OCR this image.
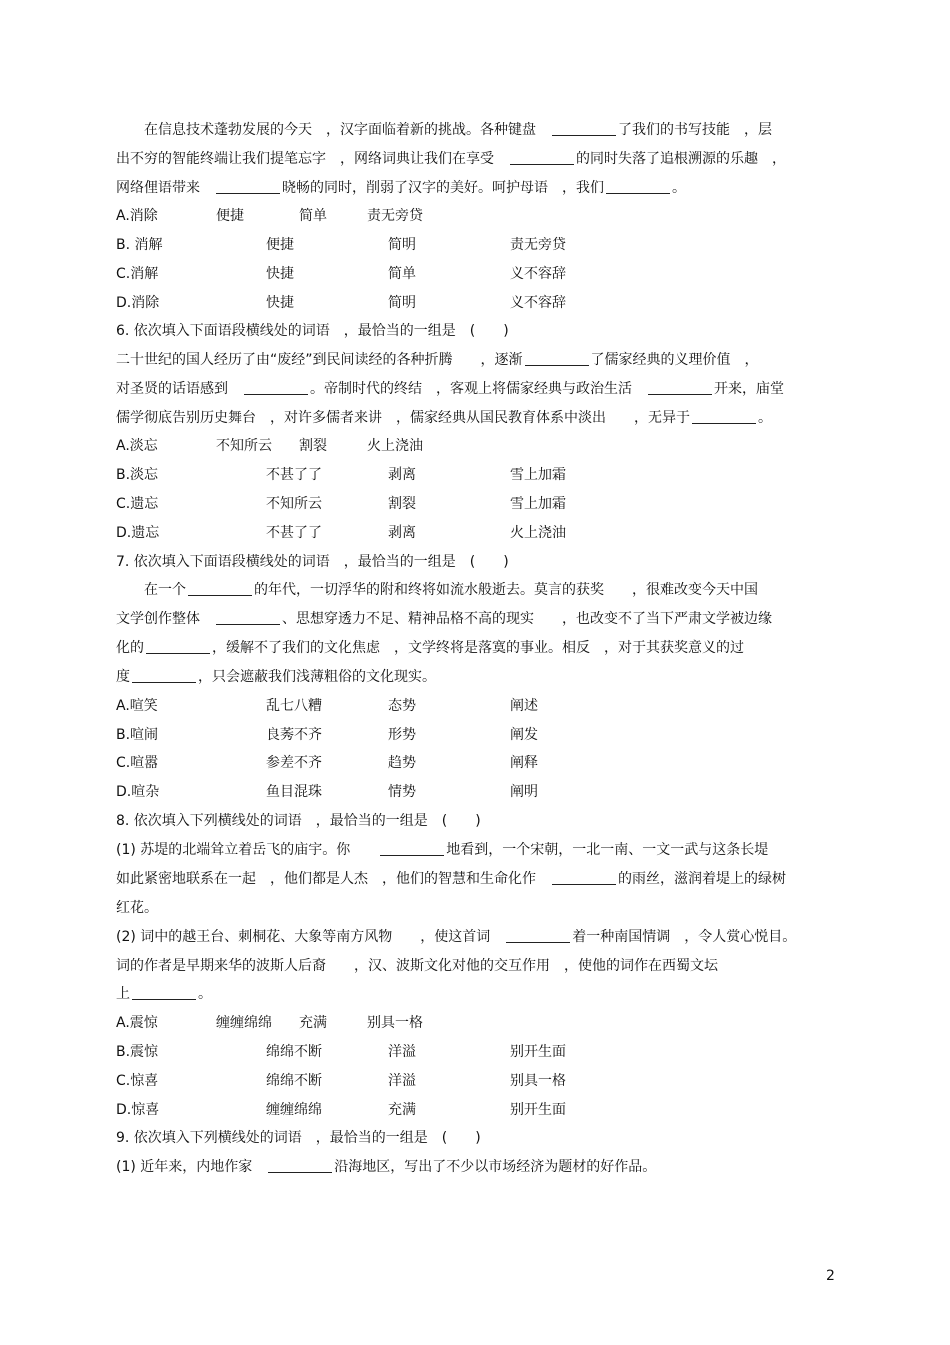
　　在信息技术蓬勃发展的今天　，汉字面临着新的挑战。各种键盘　	了我们的书写技能　，层
出不穷的智能终端让我们提笔忘字　，网络词典让我们在享受　	的同时失落了追根溯源的乐趣　，
网络俚语带来　	晓畅的同时，削弱了汉字的美好。呵护母语　，我们	。
A.消除	便捷	简单	责无旁贷
B. 消解	便捷	简明	责无旁贷
C.消解	快捷	简单	义不容辞
D.消除	快捷	简明	义不容辞
6. 依次填入下面语段横线处的词语　，最恰当的一组是　(　　)
二十世纪的国人经历了由“废经”到民间读经的各种折腾　　，逐渐	了儒家经典的义理价值　，
对圣贤的话语感到　	。帝制时代的终结　，客观上将儒家经典与政治生活　	开来，庙堂
儒学彻底告别历史舞台　，对许多儒者来讲　，儒家经典从国民教育体系中淡出　　，无异于	。
A.淡忘	不知所云 割裂	火上浇油
B.淡忘	不甚了了	剥离	雪上加霜
C.遗忘	不知所云	割裂	雪上加霜
D.遗忘	不甚了了	剥离	火上浇油
7. 依次填入下面语段横线处的词语　，最恰当的一组是　(　　)
　　在一个	的年代，一切浮华的附和终将如流水般逝去。莫言的获奖　　，很难改变今天中国
文学创作整体　	、思想穿透力不足、精神品格不高的现实　　，也改变不了当下严肃文学被边缘
化的	，缓解不了我们的文化焦虑　，文学终将是落寞的事业。相反　，对于其获奖意义的过
度	，只会遮蔽我们浅薄粗俗的文化现实。
A.喧笑	乱七八糟	态势	阐述
B.喧闹	良莠不齐	形势	阐发
C.喧嚣	参差不齐	趋势	阐释
D.喧杂	鱼目混珠	情势	阐明
8. 依次填入下列横线处的词语　，最恰当的一组是　(　　)
(1) 苏堤的北端耸立着岳飞的庙宇。你　　	地看到，一个宋朝，一北一南、一文一武与这条长堤
如此紧密地联系在一起　，他们都是人杰　，他们的智慧和生命化作　	的雨丝，滋润着堤上的绿树
红花。
(2) 词中的越王台、刺桐花、大象等南方风物　　，使这首词　	着一种南国情调　，令人赏心悦目。
词的作者是早期来华的波斯人后裔　　，汉、波斯文化对他的交互作用　，使他的词作在西蜀文坛
上	。
A.震惊	缠缠绵绵 充满	别具一格
B.震惊	绵绵不断	洋溢	别开生面
C.惊喜	绵绵不断	洋溢	别具一格
D.惊喜	缠缠绵绵	充满	别开生面
9. 依次填入下列横线处的词语　，最恰当的一组是　(　　)
(1) 近年来，内地作家　	沿海地区，写出了不少以市场经济为题材的好作品。
2
